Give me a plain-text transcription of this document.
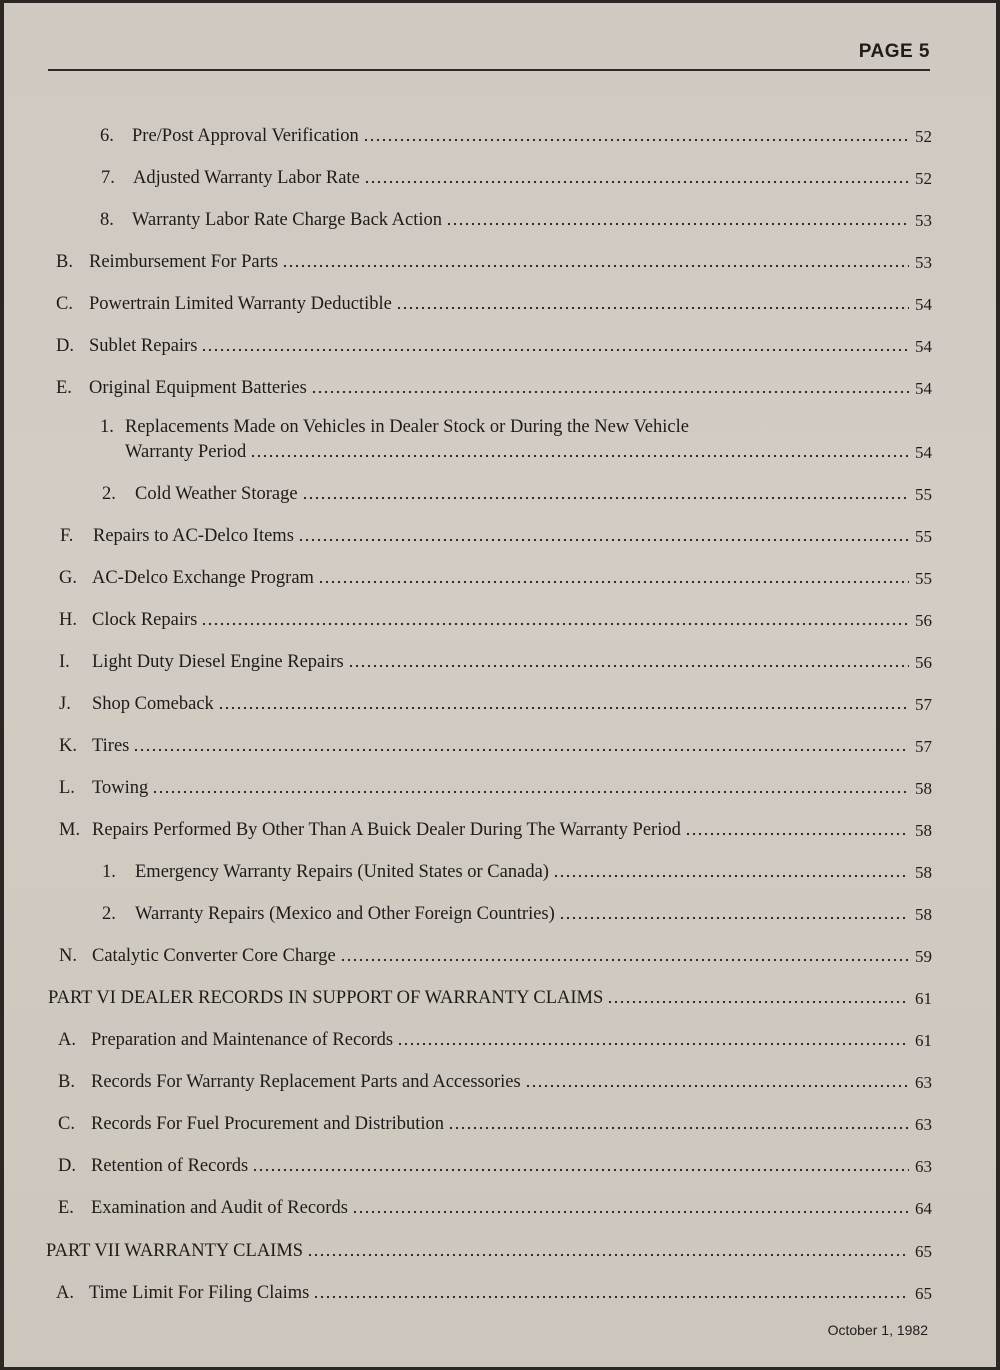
PAGE 5
6. Pre/Post Approval Verification	52
7. Adjusted Warranty Labor Rate	52
8. Warranty Labor Rate Charge Back Action	53
B. Reimbursement For Parts	53
C. Powertrain Limited Warranty Deductible	54
D. Sublet Repairs	54
E. Original Equipment Batteries	54
1. Replacements Made on Vehicles in Dealer Stock or During the New Vehicle
Warranty Period	54
2.	Cold Weather Storage	55
F.	Repairs to AC-Delco Items	55
G. AC-Delco Exchange Program	55
H. Clock Repairs	56
I.	Light Duty Diesel Engine Repairs	56
J.	Shop Comeback	57
K. Tires	57
L. Towing	58
M. Repairs Performed By Other Than A Buick Dealer During The Warranty Period	58
1.	Emergency Warranty Repairs (United States or Canada)	58
2.	Warranty Repairs (Mexico and Other Foreign Countries)	58
N. Catalytic Converter Core Charge	59
PART VI DEALER RECORDS IN SUPPORT OF WARRANTY CLAIMS	61
A. Preparation and Maintenance of Records	61
B. Records For Warranty Replacement Parts and Accessories	63
C. Records For Fuel Procurement and Distribution	63
D. Retention of Records	63
E. Examination and Audit of Records	64
PART VII WARRANTY CLAIMS	65
A. Time Limit For Filing Claims	65
October 1, 1982
